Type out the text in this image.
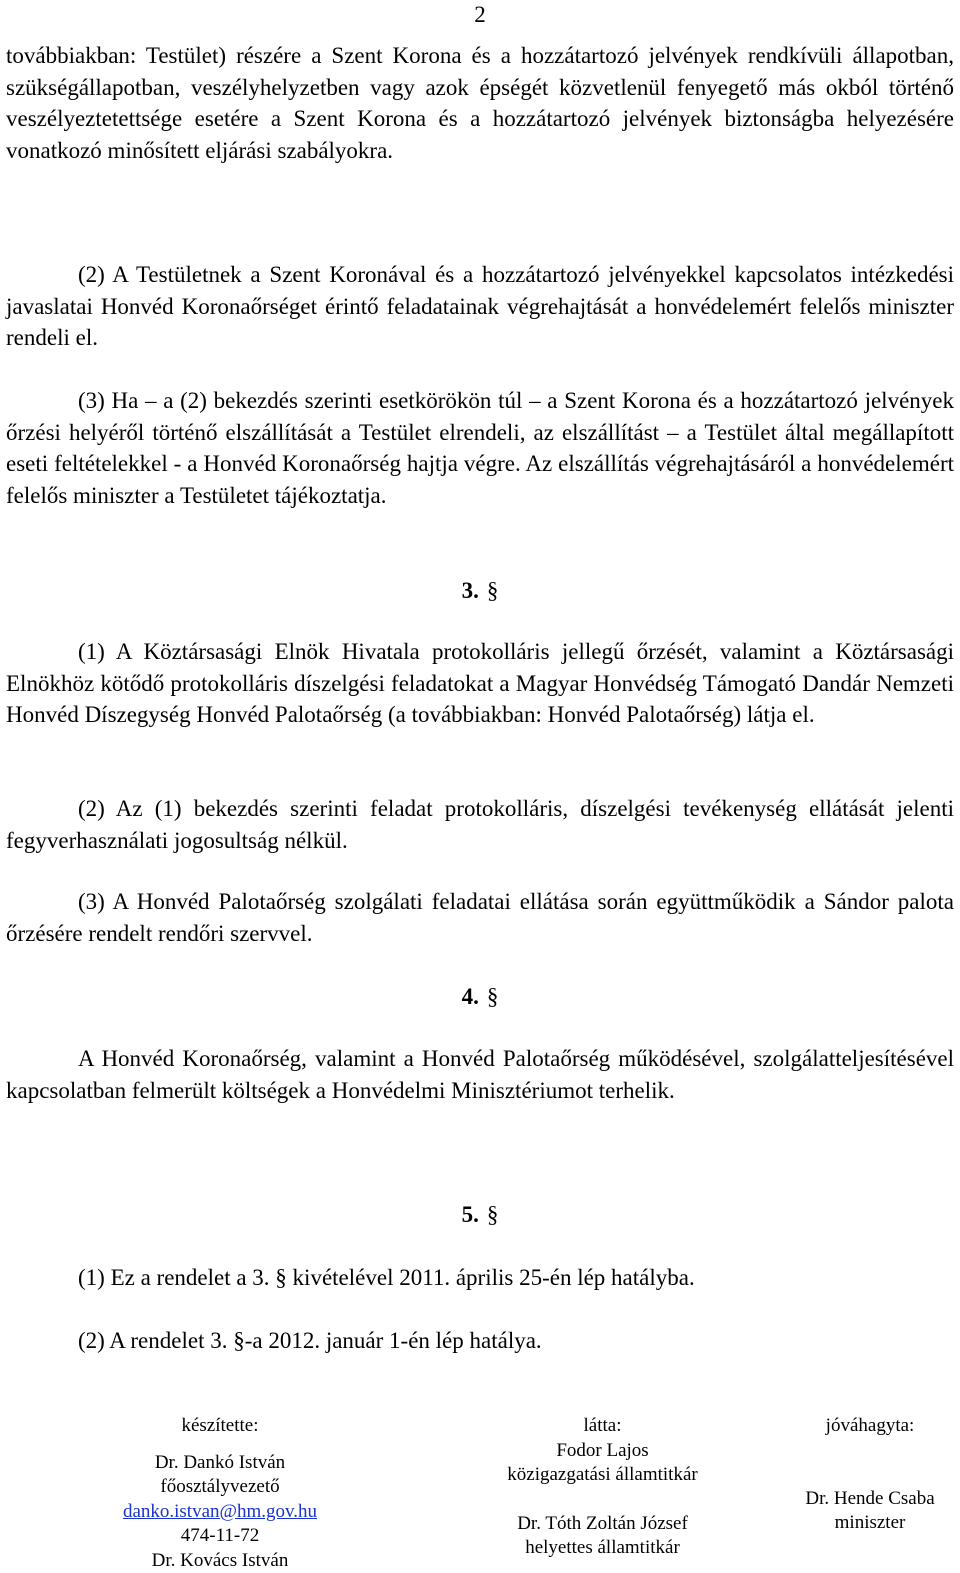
2

továbbiakban: Testület) részére a Szent Korona és a hozzátartozó jelvények rendkívüli állapotban, szükségállapotban, veszélyhelyzetben vagy azok épségét közvetlenül fenyegető más okból történő veszélyeztetettsége esetére a Szent Korona és a hozzátartozó jelvények biztonságba helyezésére vonatkozó minősített eljárási szabályokra.

(2) A Testületnek a Szent Koronával és a hozzátartozó jelvényekkel kapcsolatos intézkedési javaslatai Honvéd Koronaőrséget érintő feladatainak végrehajtását a honvédelemért felelős miniszter rendeli el.

(3) Ha – a (2) bekezdés szerinti esetkörökön túl – a Szent Korona és a hozzátartozó jelvények őrzési helyéről történő elszállítását a Testület elrendeli, az elszállítást – a Testület által megállapított eseti feltételekkel - a Honvéd Koronaőrség hajtja végre. Az elszállítás végrehajtásáról a honvédelemért felelős miniszter a Testületet tájékoztatja.

3. §

(1) A Köztársasági Elnök Hivatala protokolláris jellegű őrzését, valamint a Köztársasági Elnökhöz kötődő protokolláris díszelgési feladatokat a Magyar Honvédség Támogató Dandár Nemzeti Honvéd Díszegység Honvéd Palotaőrség (a továbbiakban: Honvéd Palotaőrség) látja el.

(2) Az (1) bekezdés szerinti feladat protokolláris, díszelgési tevékenység ellátását jelenti fegyverhasználati jogosultság nélkül.

(3) A Honvéd Palotaőrség szolgálati feladatai ellátása során együttműködik a Sándor palota őrzésére rendelt rendőri szervvel.

4. §

A Honvéd Koronaőrség, valamint a Honvéd Palotaőrség működésével, szolgálatteljesítésével kapcsolatban felmerült költségek a Honvédelmi Minisztériumot terhelik.

5. §

(1) Ez a rendelet a 3. § kivételével 2011. április 25-én lép hatályba.

(2) A rendelet 3. §-a 2012. január 1-én lép hatálya.

készítette:
Dr. Dankó István
főosztályvezető
danko.istvan@hm.gov.hu
474-11-72
Dr. Kovács István
látta:
Fodor Lajos
közigazgatási államtitkár
Dr. Tóth Zoltán József
helyettes államtitkár
jóváhagyta:
Dr. Hende Csaba
miniszter
